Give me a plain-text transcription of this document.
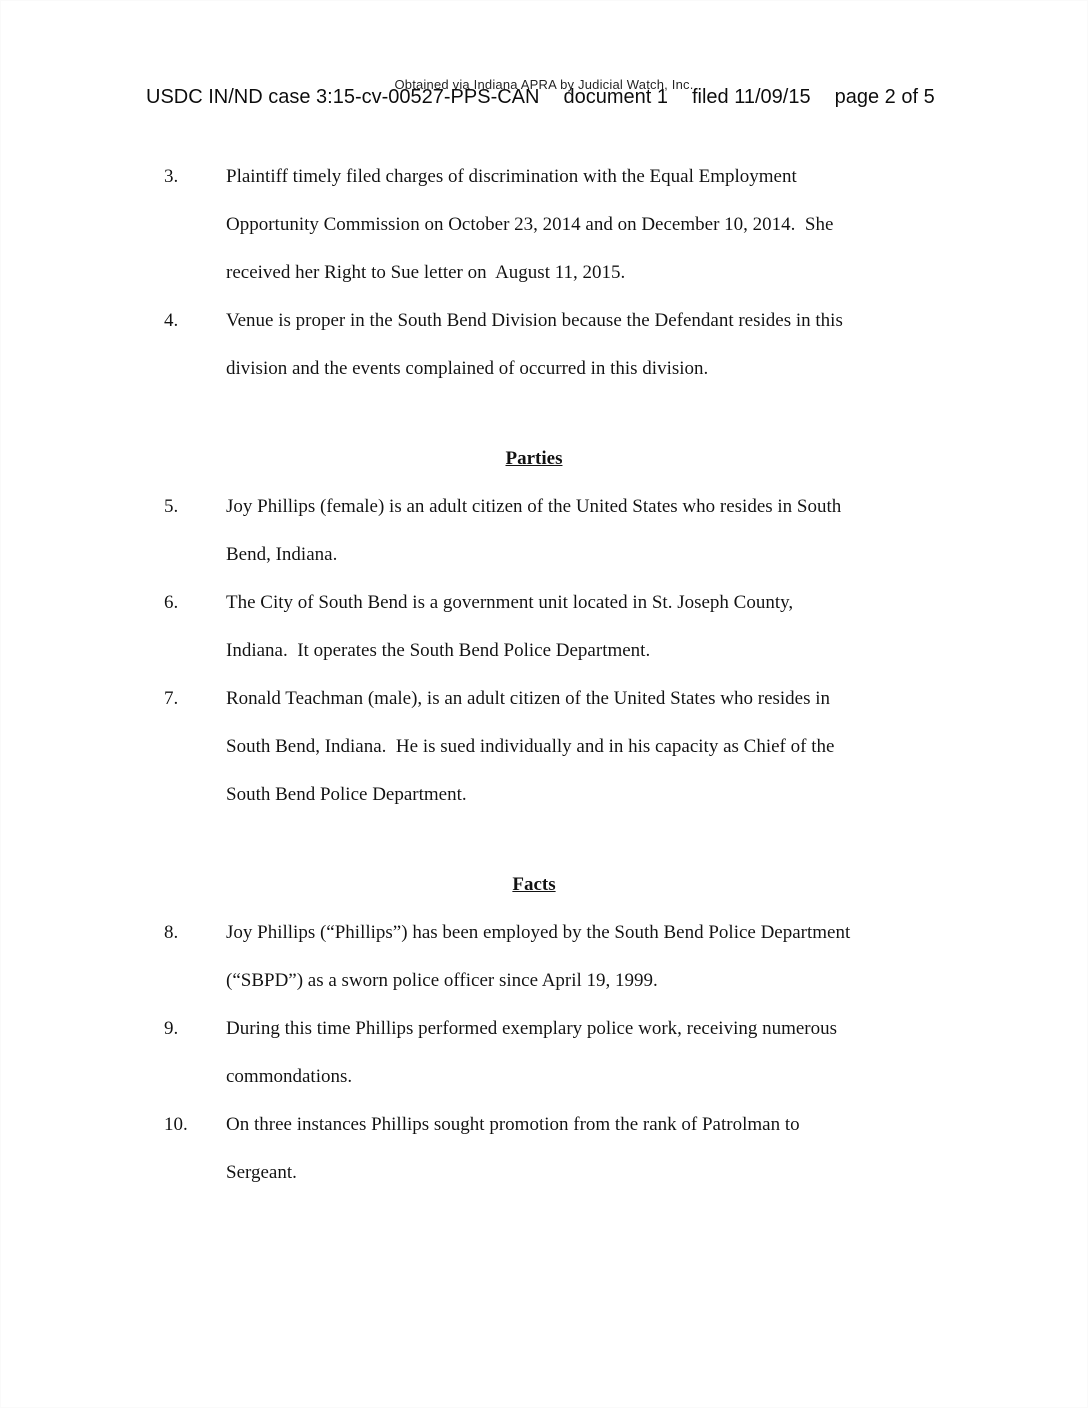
Obtained via Indiana APRA by Judicial Watch, Inc.
USDC IN/ND case 3:15-cv-00527-PPS-CAN document 1 filed 11/09/15 page 2 of 5
3.	Plaintiff timely filed charges of discrimination with the Equal Employment
Opportunity Commission on October 23, 2014 and on December 10, 2014.  She
received her Right to Sue letter on  August 11, 2015.
4.	Venue is proper in the South Bend Division because the Defendant resides in this
division and the events complained of occurred in this division.
Parties
5.	Joy Phillips (female) is an adult citizen of the United States who resides in South
Bend, Indiana.
6.	The City of South Bend is a government unit located in St. Joseph County,
Indiana.  It operates the South Bend Police Department.
7.	Ronald Teachman (male), is an adult citizen of the United States who resides in
South Bend, Indiana.  He is sued individually and in his capacity as Chief of the
South Bend Police Department.
Facts
8.	Joy Phillips (“Phillips”) has been employed by the South Bend Police Department
(“SBPD”) as a sworn police officer since April 19, 1999.
9.	During this time Phillips performed exemplary police work, receiving numerous
commondations.
10. On three instances Phillips sought promotion from the rank of Patrolman to
Sergeant.
